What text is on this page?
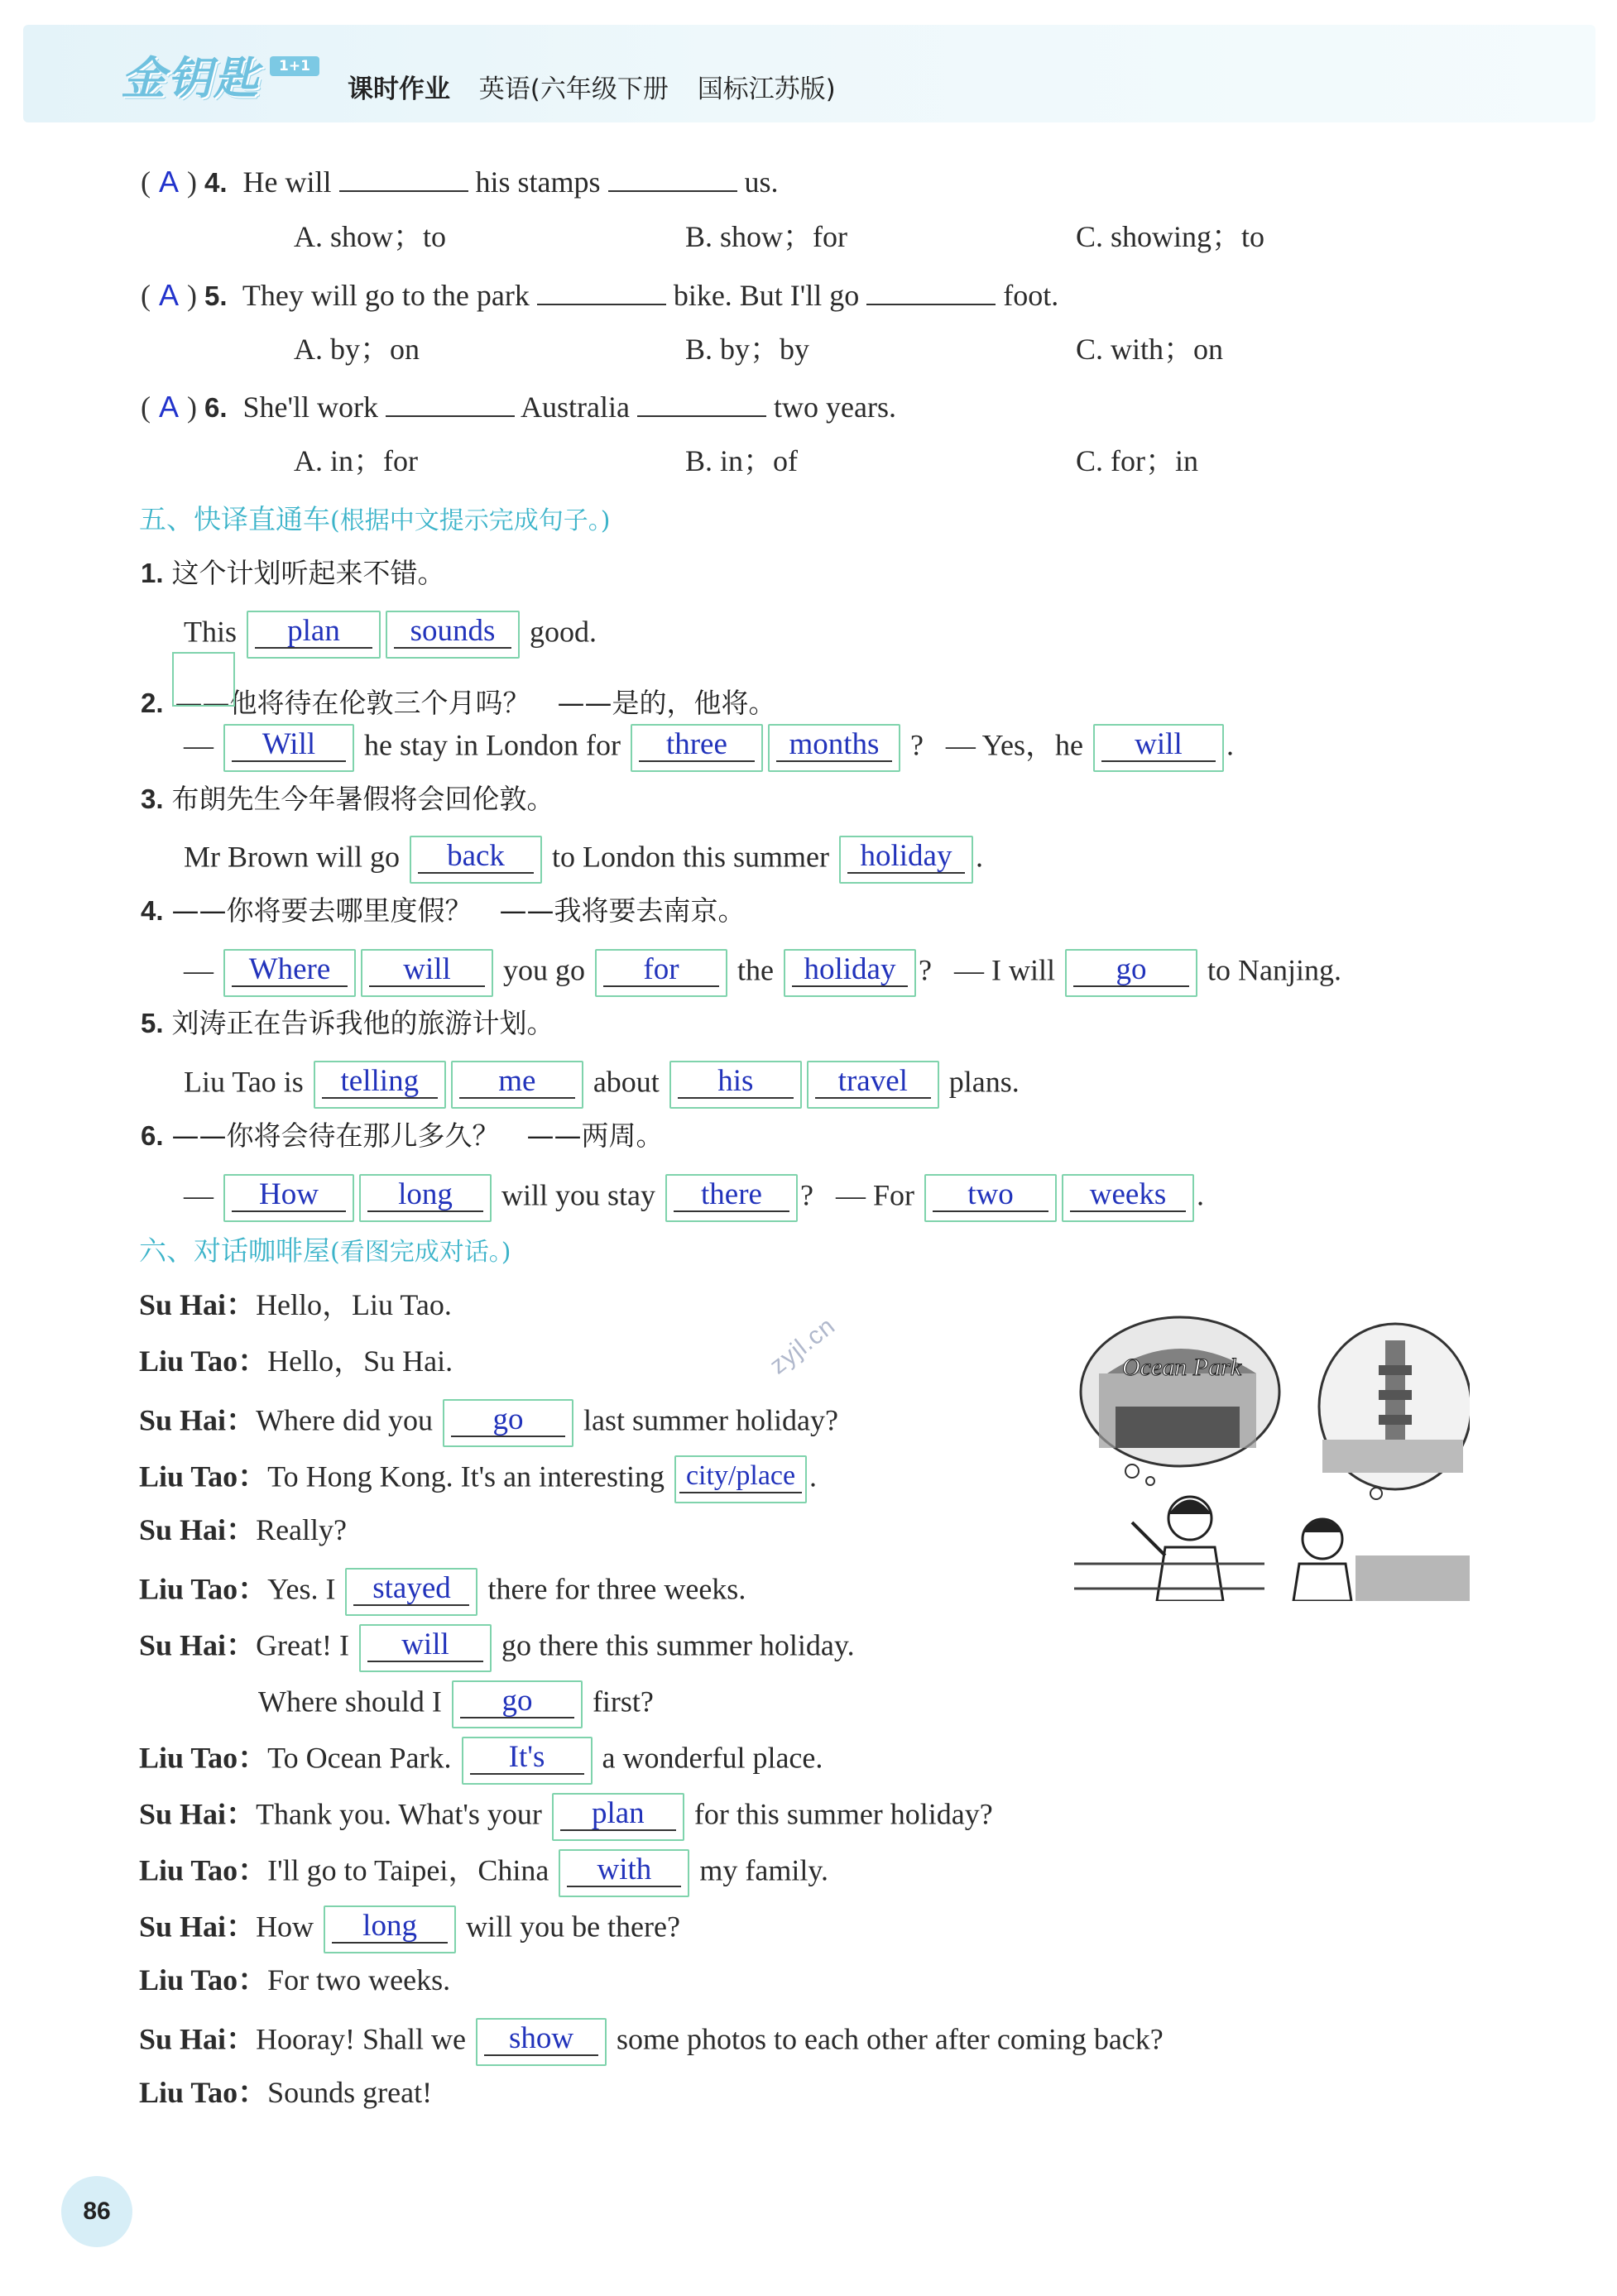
金钥匙	1+1
课时作业 英语(六年级下册 国标江苏版)
( A ) 4. He will	his stamps	us.
A. show；to	B. show；for	C. showing；to
( A ) 5. They will go to the park	bike. But I'll go	foot.
A. by；on	B. by；by	C. with；on
( A ) 6. She'll work	Australia	two years.
A. in；for	B. in；of	C. for；in
五、快译直通车(根据中文提示完成句子。)
1. 这个计划听起来不错。
This	plan	sounds	good.
2. ——他将待在伦敦三个月吗？　——是的，他将。
—	Will	he stay in London for	three	months	? — Yes，he	will	.
3. 布朗先生今年暑假将会回伦敦。
Mr Brown will go	back	to London this summer	holiday .
4. ——你将要去哪里度假？　——我将要去南京。
—	Where	will	you go	for	the holiday ? — I will	go	to Nanjing.
5. 刘涛正在告诉我他的旅游计划。
Liu Tao is	telling	me	about	his	travel	plans.
6. ——你将会待在那儿多久？　——两周。
—	How	long	will you stay	there	? — For	two	weeks	.
六、对话咖啡屋(看图完成对话。)
zyjl.cn
Su Hai：Hello，Liu Tao.
Liu Tao：Hello，Su Hai.
Su Hai：Where did you	go	last summer holiday?
Liu Tao：To Hong Kong. It's an interesting city/place .
Su Hai：Really?
Liu Tao：Yes. I	stayed	there for three weeks.
Su Hai：Great! I	will	go there this summer holiday.
Where should I	go	first?
Liu Tao：To Ocean Park.	It's	a wonderful place.
Su Hai：Thank you. What's your	plan	for this summer holiday?
Liu Tao：I'll go to Taipei，China	with	my family.
Su Hai：How	long	will you be there?
Liu Tao：For two weeks.
Su Hai：Hooray! Shall we	show	some photos to each other after coming back?
Liu Tao：Sounds great!
Ocean Park
86
